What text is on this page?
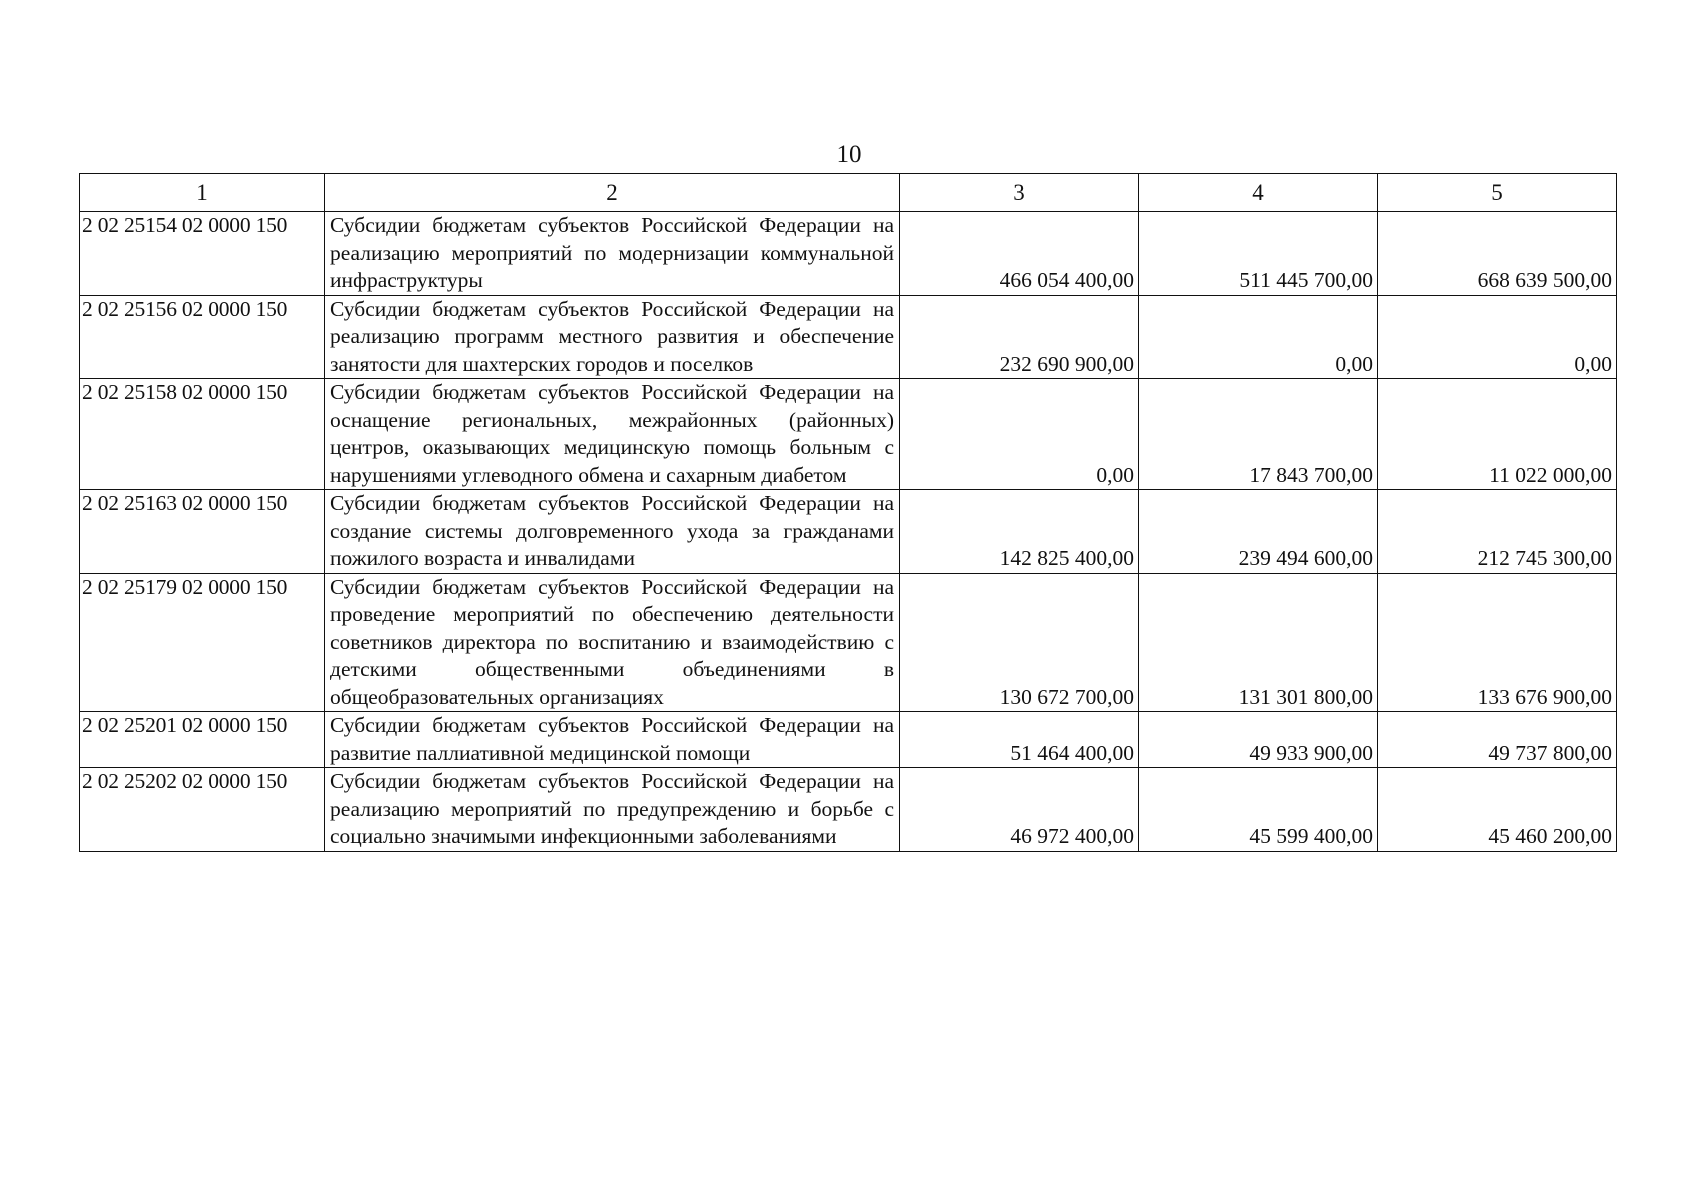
10
1	2	3	4	5
2 02 25154 02 0000 150	Субсидии бюджетам субъектов Российской Федерации на реализацию мероприятий по модернизации коммунальной инфраструктуры	466 054 400,00	511 445 700,00	668 639 500,00
2 02 25156 02 0000 150	Субсидии бюджетам субъектов Российской Федерации на реализацию программ местного развития и обеспечение занятости для шахтерских городов и поселков	232 690 900,00	0,00	0,00
2 02 25158 02 0000 150	Субсидии бюджетам субъектов Российской Федерации на оснащение региональных, межрайонных (районных) центров, оказывающих медицинскую помощь больным с нарушениями углеводного обмена и сахарным диабетом	0,00	17 843 700,00	11 022 000,00
2 02 25163 02 0000 150	Субсидии бюджетам субъектов Российской Федерации на создание системы долговременного ухода за гражданами пожилого возраста и инвалидами	142 825 400,00	239 494 600,00	212 745 300,00
2 02 25179 02 0000 150	Субсидии бюджетам субъектов Российской Федерации на проведение мероприятий по обеспечению деятельности советников директора по воспитанию и взаимодействию с детскими общественными объединениями в общеобразовательных организациях	130 672 700,00	131 301 800,00	133 676 900,00
2 02 25201 02 0000 150	Субсидии бюджетам субъектов Российской Федерации на развитие паллиативной медицинской помощи	51 464 400,00	49 933 900,00	49 737 800,00
2 02 25202 02 0000 150	Субсидии бюджетам субъектов Российской Федерации на реализацию мероприятий по предупреждению и борьбе с социально значимыми инфекционными заболеваниями	46 972 400,00	45 599 400,00	45 460 200,00
